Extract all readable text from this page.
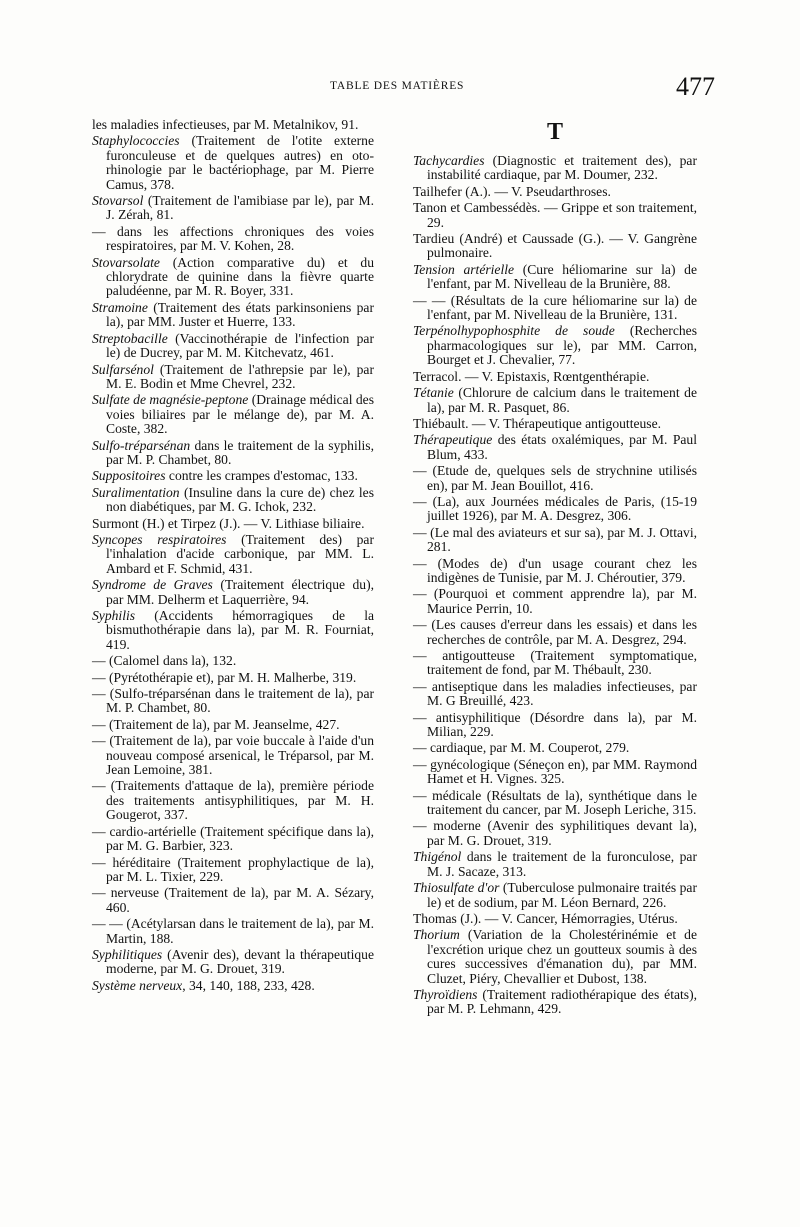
TABLE DES MATIÈRES	477
les maladies infectieuses, par M. Metalnikov, 91.
Staphylococcies (Traitement de l'otite externe furonculeuse et de quelques autres) en oto-rhinologie par le bactériophage, par M. Pierre Camus, 378.
Stovarsol (Traitement de l'amibiase par le), par M. J. Zérah, 81.
— dans les affections chroniques des voies respiratoires, par M. V. Kohen, 28.
Stovarsolate (Action comparative du) et du chlorydrate de quinine dans la fièvre quarte paludéenne, par M. R. Boyer, 331.
Stramoine (Traitement des états parkinsoniens par la), par MM. Juster et Huerre, 133.
Streptobacille (Vaccinothérapie de l'infection par le) de Ducrey, par M. M. Kitchevatz, 461.
Sulfarsénol (Traitement de l'athrepsie par le), par M. E. Bodin et Mme Chevrel, 232.
Sulfate de magnésie-peptone (Drainage médical des voies biliaires par le mélange de), par M. A. Coste, 382.
Sulfo-tréparsénan dans le traitement de la syphilis, par M. P. Chambet, 80.
Suppositoires contre les crampes d'estomac, 133.
Suralimentation (Insuline dans la cure de) chez les non diabétiques, par M. G. Ichok, 232.
Surmont (H.) et Tirpez (J.). — V. Lithiase biliaire.
Syncopes respiratoires (Traitement des) par l'inhalation d'acide carbonique, par MM. L. Ambard et F. Schmid, 431.
Syndrome de Graves (Traitement électrique du), par MM. Delherm et Laquerrière, 94.
Syphilis (Accidents hémorragiques de la bismuthothérapie dans la), par M. R. Fourniat, 419.
— (Calomel dans la), 132.
— (Pyrétothérapie et), par M. H. Malherbe, 319.
— (Sulfo-tréparsénan dans le traitement de la), par M. P. Chambet, 80.
— (Traitement de la), par M. Jeanselme, 427.
— (Traitement de la), par voie buccale à l'aide d'un nouveau composé arsenical, le Tréparsol, par M. Jean Lemoine, 381.
— (Traitements d'attaque de la), première période des traitements antisyphilitiques, par M. H. Gougerot, 337.
— cardio-artérielle (Traitement spécifique dans la), par M. G. Barbier, 323.
— héréditaire (Traitement prophylactique de la), par M. L. Tixier, 229.
— nerveuse (Traitement de la), par M. A. Sézary, 460.
— — (Acétylarsan dans le traitement de la), par M. Martin, 188.
Syphilitiques (Avenir des), devant la thérapeutique moderne, par M. G. Drouet, 319.
Système nerveux, 34, 140, 188, 233, 428.
T
Tachycardies (Diagnostic et traitement des), par instabilité cardiaque, par M. Doumer, 232.
Tailhefer (A.). — V. Pseudarthroses.
Tanon et Cambessédès. — Grippe et son traitement, 29.
Tardieu (André) et Caussade (G.). — V. Gangrène pulmonaire.
Tension artérielle (Cure héliomarine sur la) de l'enfant, par M. Nivelleau de la Brunière, 88.
— — (Résultats de la cure héliomarine sur la) de l'enfant, par M. Nivelleau de la Brunière, 131.
Terpénolhypophosphite de soude (Recherches pharmacologiques sur le), par MM. Carron, Bourget et J. Chevalier, 77.
Terracol. — V. Epistaxis, Rœntgenthérapie.
Tétanie (Chlorure de calcium dans le traitement de la), par M. R. Pasquet, 86.
Thiébault. — V. Thérapeutique antigoutteuse.
Thérapeutique des états oxalémiques, par M. Paul Blum, 433.
— (Etude de, quelques sels de strychnine utilisés en), par M. Jean Bouillot, 416.
— (La), aux Journées médicales de Paris, (15-19 juillet 1926), par M. A. Desgrez, 306.
— (Le mal des aviateurs et sur sa), par M. J. Ottavi, 281.
— (Modes de) d'un usage courant chez les indigènes de Tunisie, par M. J. Chéroutier, 379.
— (Pourquoi et comment apprendre la), par M. Maurice Perrin, 10.
— (Les causes d'erreur dans les essais) et dans les recherches de contrôle, par M. A. Desgrez, 294.
— antigoutteuse (Traitement symptomatique, traitement de fond, par M. Thébault, 230.
— antiseptique dans les maladies infectieuses, par M. G Breuillé, 423.
— antisyphilitique (Désordre dans la), par M. Milian, 229.
— cardiaque, par M. M. Couperot, 279.
— gynécologique (Séneçon en), par MM. Raymond Hamet et H. Vignes. 325.
— médicale (Résultats de la), synthétique dans le traitement du cancer, par M. Joseph Leriche, 315.
— moderne (Avenir des syphilitiques devant la), par M. G. Drouet, 319.
Thigénol dans le traitement de la furonculose, par M. J. Sacaze, 313.
Thiosulfate d'or (Tuberculose pulmonaire traités par le) et de sodium, par M. Léon Bernard, 226.
Thomas (J.). — V. Cancer, Hémorragies, Utérus.
Thorium (Variation de la Cholestérinémie et de l'excrétion urique chez un goutteux soumis à des cures successives d'émanation du), par MM. Cluzet, Piéry, Chevallier et Dubost, 138.
Thyroïdiens (Traitement radiothérapique des états), par M. P. Lehmann, 429.
